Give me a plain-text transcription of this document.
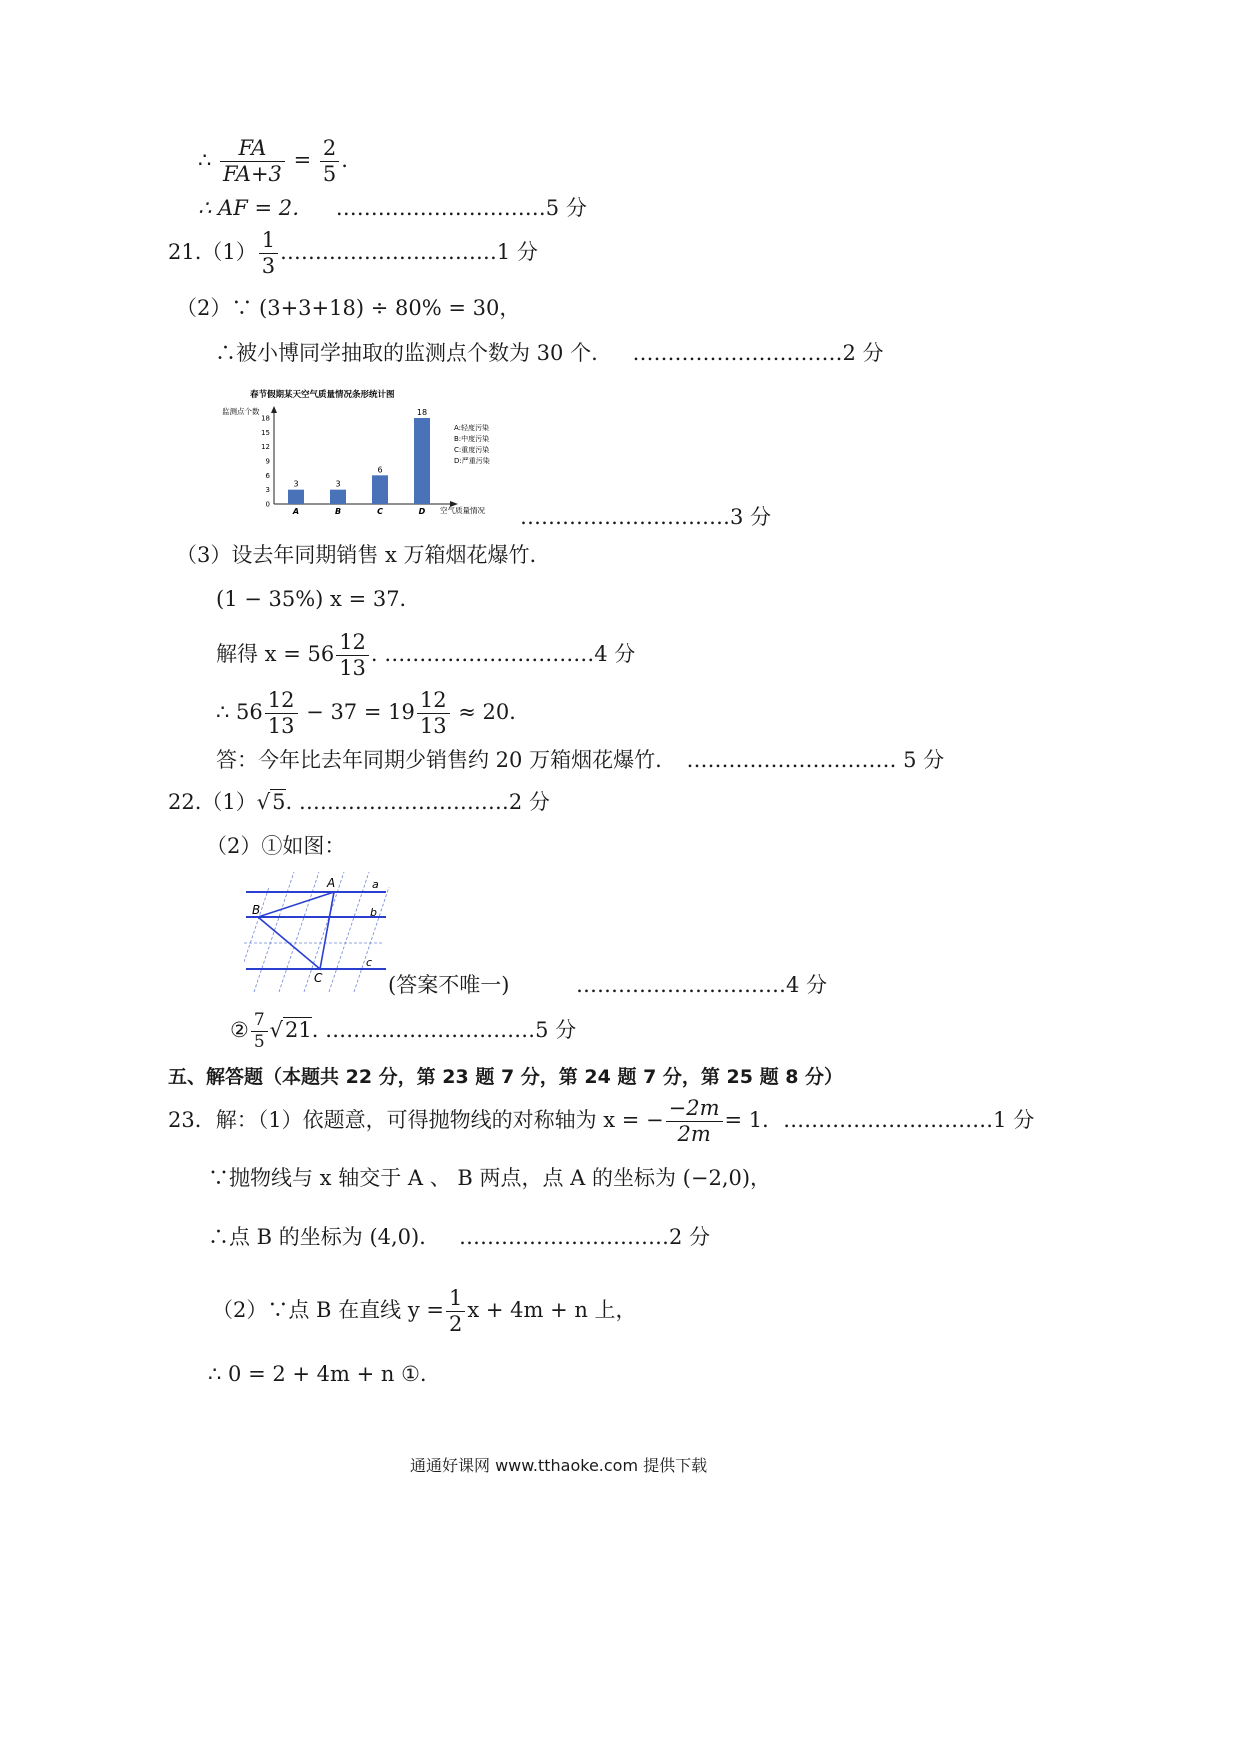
∴ $\frac{FA}{FA+3} = \frac{2}{5}$ .
∴ AF = 2． …………………………5 分
$21.(1) \frac{1}{3}$ .…………………………1 分
（2）∵ (3+3+18) ÷ 80% = 30，
∴被小博同学抽取的监测点个数为 30 个. …………………………2 分
春节假期某天空气质量情况条形统计图
监测点个数
空气质量情况
0
3
6
9
12
15
18
3
A
3
B
6
C
18
D
A:轻度污染
B:中度污染
C:重度污染
D:严重污染
…………………………3 分
（3）设去年同期销售 x 万箱烟花爆竹.
(1 − 35%) x = 37．
解得 $x = 56 \frac{12}{13}$ . …………………………4 分
∴ $56 \frac{12}{13} - 37 = 19 \frac{12}{13} \approx 20$．
答：今年比去年同期少销售约 20 万箱烟花爆竹. ………………………… 5 分
22.（1）√5. …………………………2 分
（2）①如图：
A
B
C
a
b
c
(答案不唯一)	…………………………4 分
② $\frac{7}{5} √21$. …………………………5 分
五、解答题（本题共 22 分，第 23 题 7 分，第 24 题 7 分，第 25 题 8 分）
23．解：（1）依题意，可得抛物线的对称轴为 x = − $\frac{-2m}{2m} = 1$．…………………………1 分
∵抛物线与 x 轴交于 A 、 B 两点，点 A 的坐标为 (−2,0)，
∴点 B 的坐标为 (4,0)． …………………………2 分
（2）∵点 B 在直线 $y = \frac{1}{2}$ x + 4m + n 上，
∴ 0 = 2 + 4m + n ①.
通通好课网 www.tthaoke.com 提供下载
